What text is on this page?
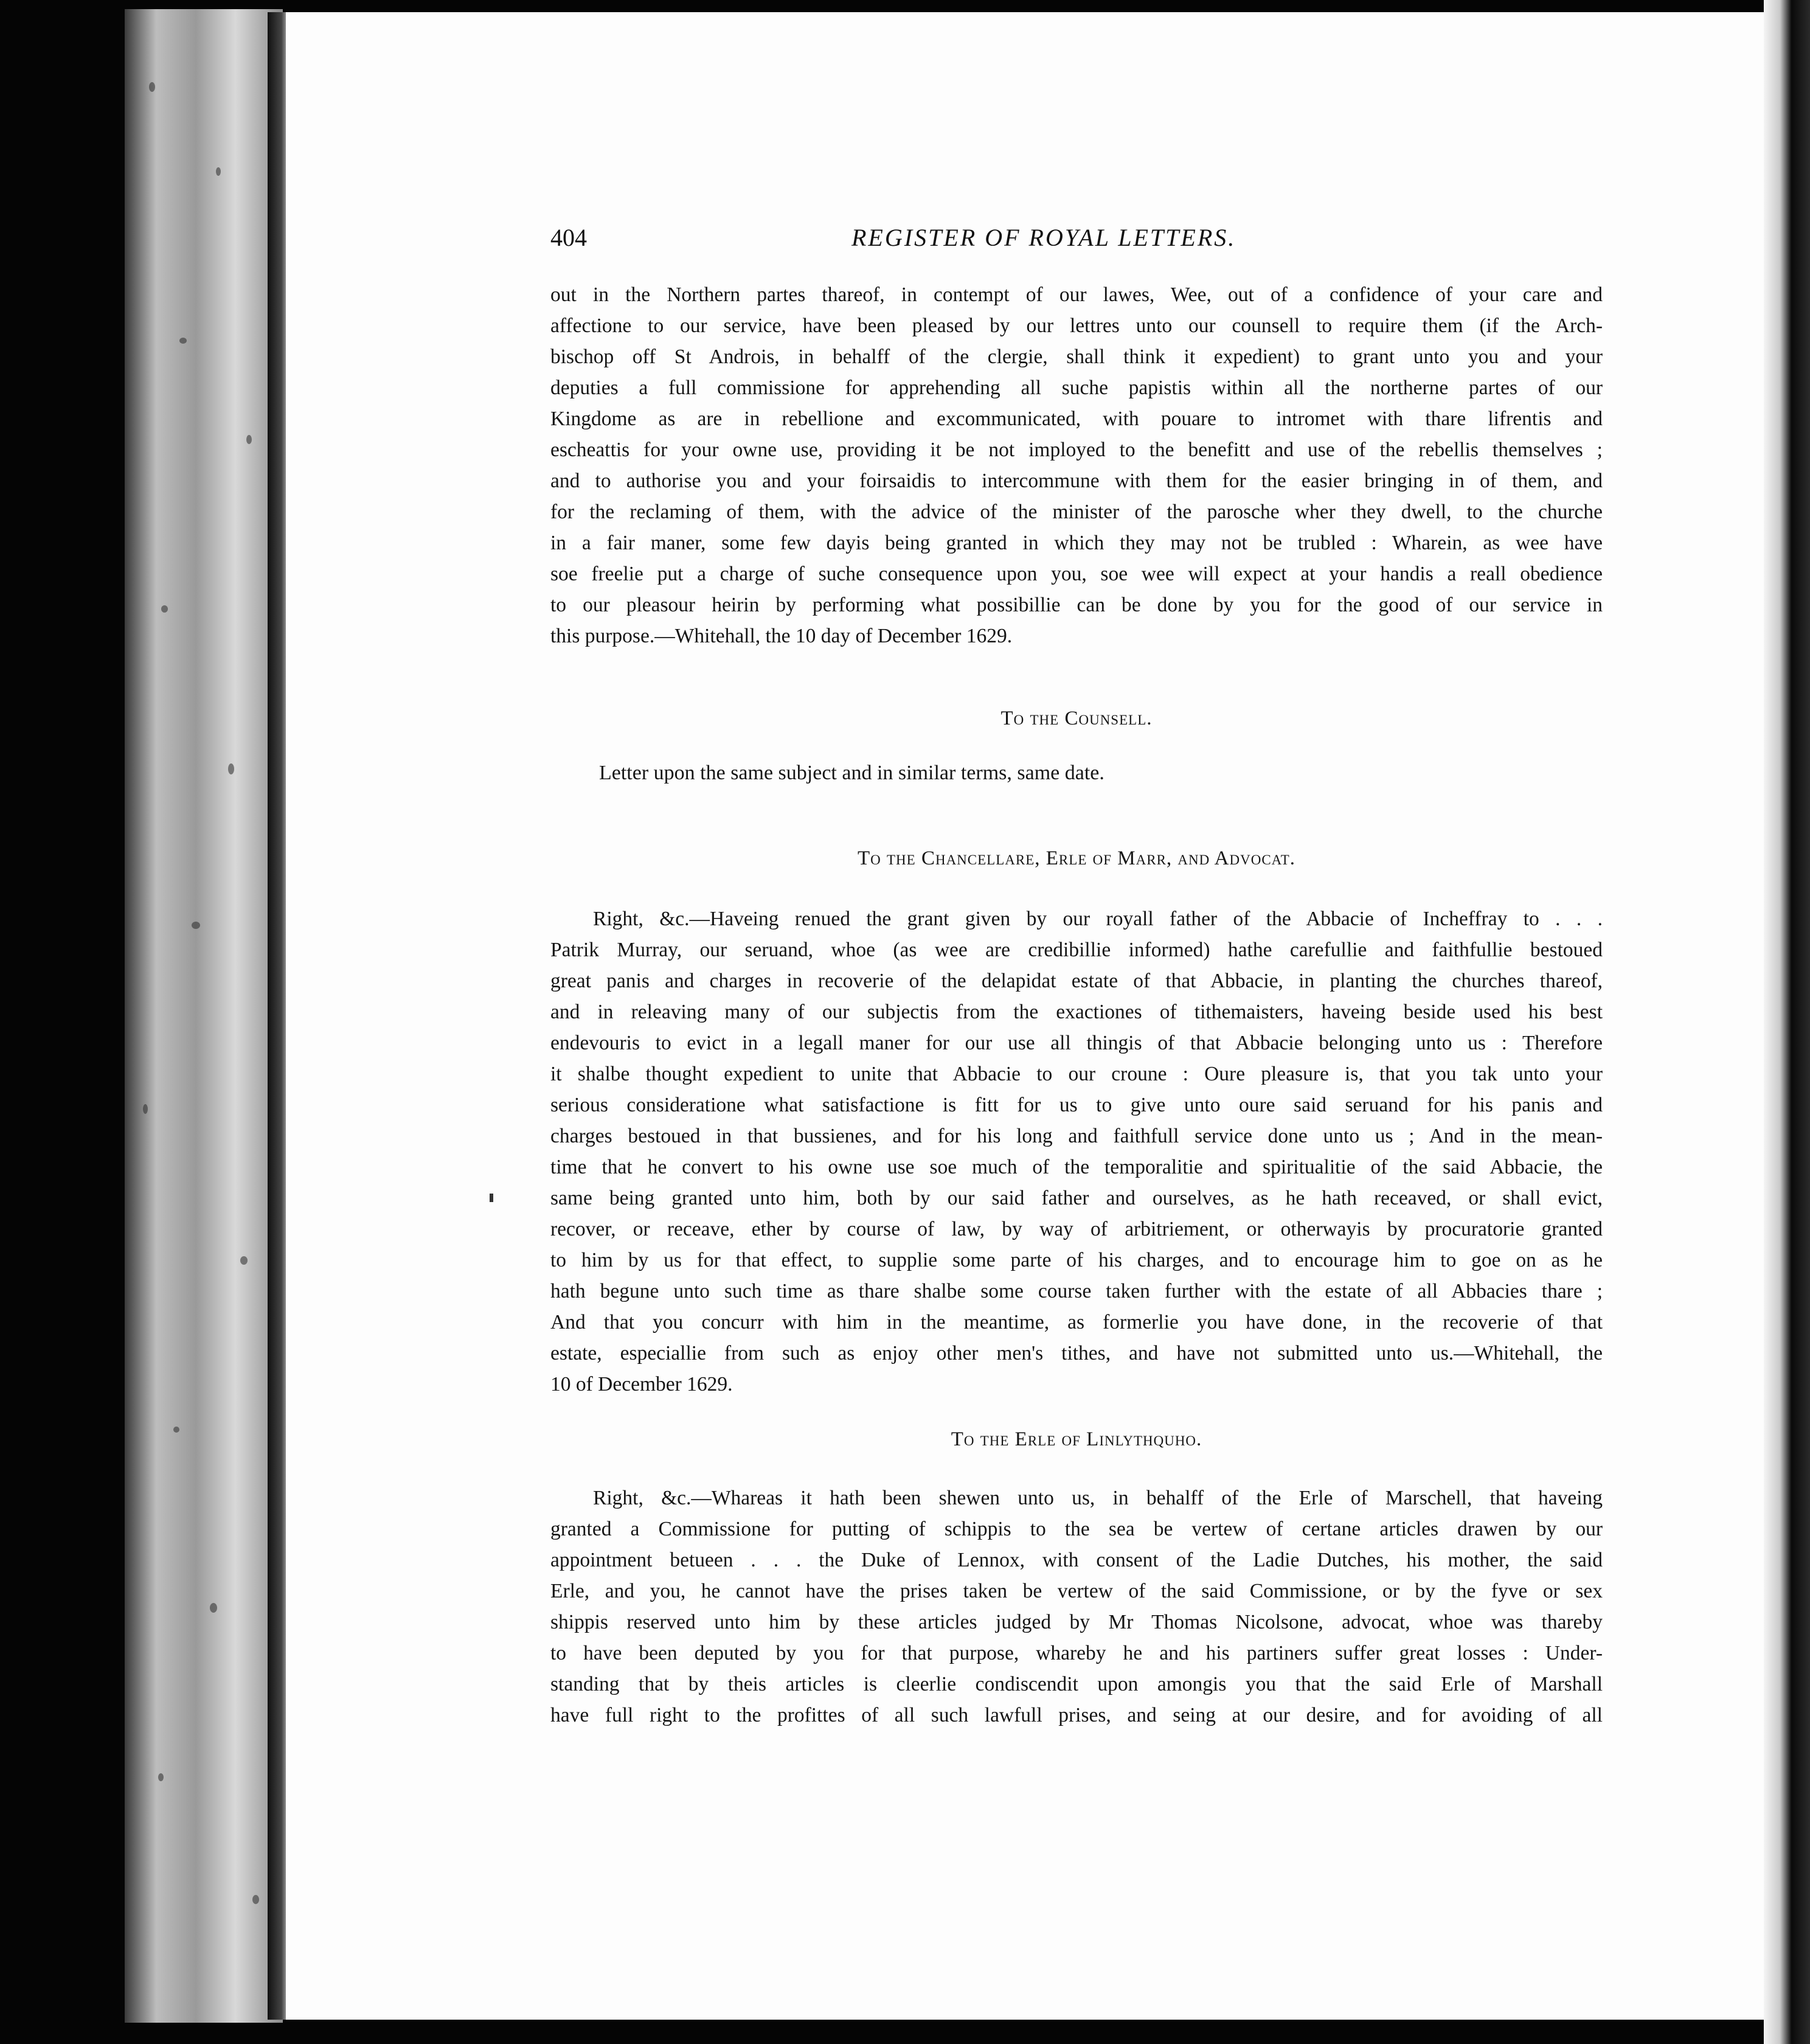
404	REGISTER OF ROYAL LETTERS.
out in the Northern partes thareof, in contempt of our lawes, Wee, out of a confidence of your care and
affectione to our service, have been pleased by our lettres unto our counsell to require them (if the Arch-
bischop off St Androis, in behalff of the clergie, shall think it expedient) to grant unto you and your
deputies a full commissione for apprehending all suche papistis within all the northerne partes of our
Kingdome as are in rebellione and excommunicated, with pouare to intromet with thare lifrentis and
escheattis for your owne use, providing it be not imployed to the benefitt and use of the rebellis themselves ;
and to authorise you and your foirsaidis to intercommune with them for the easier bringing in of them, and
for the reclaming of them, with the advice of the minister of the parosche wher they dwell, to the churche
in a fair maner, some few dayis being granted in which they may not be trubled : Wharein, as wee have
soe freelie put a charge of suche consequence upon you, soe wee will expect at your handis a reall obedience
to our pleasour heirin by performing what possibillie can be done by you for the good of our service in
this purpose.—Whitehall, the 10 day of December 1629.
To the Counsell.
Letter upon the same subject and in similar terms, same date.
To the Chancellare, Erle of Marr, and Advocat.
Right, &c.—Haveing renued the grant given by our royall father of the Abbacie of Incheffray to . . .
Patrik Murray, our seruand, whoe (as wee are credibillie informed) hathe carefullie and faithfullie bestoued
great panis and charges in recoverie of the delapidat estate of that Abbacie, in planting the churches thareof,
and in releaving many of our subjectis from the exactiones of tithemaisters, haveing beside used his best
endevouris to evict in a legall maner for our use all thingis of that Abbacie belonging unto us : Therefore
it shalbe thought expedient to unite that Abbacie to our croune : Oure pleasure is, that you tak unto your
serious consideratione what satisfactione is fitt for us to give unto oure said seruand for his panis and
charges bestoued in that bussienes, and for his long and faithfull service done unto us ; And in the mean-
time that he convert to his owne use soe much of the temporalitie and spiritualitie of the said Abbacie, the
same being granted unto him, both by our said father and ourselves, as he hath receaved, or shall evict,
recover, or receave, ether by course of law, by way of arbitriement, or otherwayis by procuratorie granted
to him by us for that effect, to supplie some parte of his charges, and to encourage him to goe on as he
hath begune unto such time as thare shalbe some course taken further with the estate of all Abbacies thare ;
And that you concurr with him in the meantime, as formerlie you have done, in the recoverie of that
estate, especiallie from such as enjoy other men's tithes, and have not submitted unto us.—Whitehall, the
10 of December 1629.
To the Erle of Linlythquho.
Right, &c.—Whareas it hath been shewen unto us, in behalff of the Erle of Marschell, that haveing
granted a Commissione for putting of schippis to the sea be vertew of certane articles drawen by our
appointment betueen . . . the Duke of Lennox, with consent of the Ladie Dutches, his mother, the said
Erle, and you, he cannot have the prises taken be vertew of the said Commissione, or by the fyve or sex
shippis reserved unto him by these articles judged by Mr Thomas Nicolsone, advocat, whoe was thareby
to have been deputed by you for that purpose, whareby he and his partiners suffer great losses : Under-
standing that by theis articles is cleerlie condiscendit upon amongis you that the said Erle of Marshall
have full right to the profittes of all such lawfull prises, and seing at our desire, and for avoiding of all
